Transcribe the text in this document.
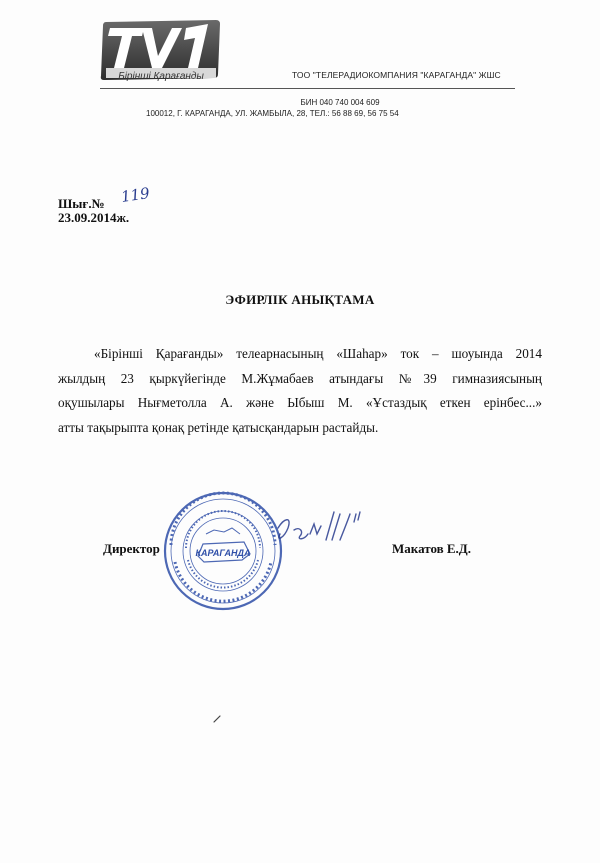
Бірінші Қарағанды	ТОО "ТЕЛЕРАДИОКОМПАНИЯ "КАРАГАНДА" ЖШС
БИН 040 740 004 609
100012, Г. КАРАГАНДА, УЛ. ЖАМБЫЛА, 28, ТЕЛ.: 56 88 69, 56 75 54
Шығ.№ 119
23.09.2014ж.
ЭФИРЛІК АНЫҚТАМА
«Бірінші Қарағанды» телеарнасының «Шаһар» ток – шоуында 2014
жылдың 23 қыркүйегінде М.Жұмабаев атындағы №39 гимназиясының
оқушылары Нығметолла А. және Ыбыш М. «Ұстаздық еткен ерінбес...»
атты тақырыпта қонақ ретінде қатысқандарын растайды.
Директор	Макатов Е.Д.
КАРАГАНДА
